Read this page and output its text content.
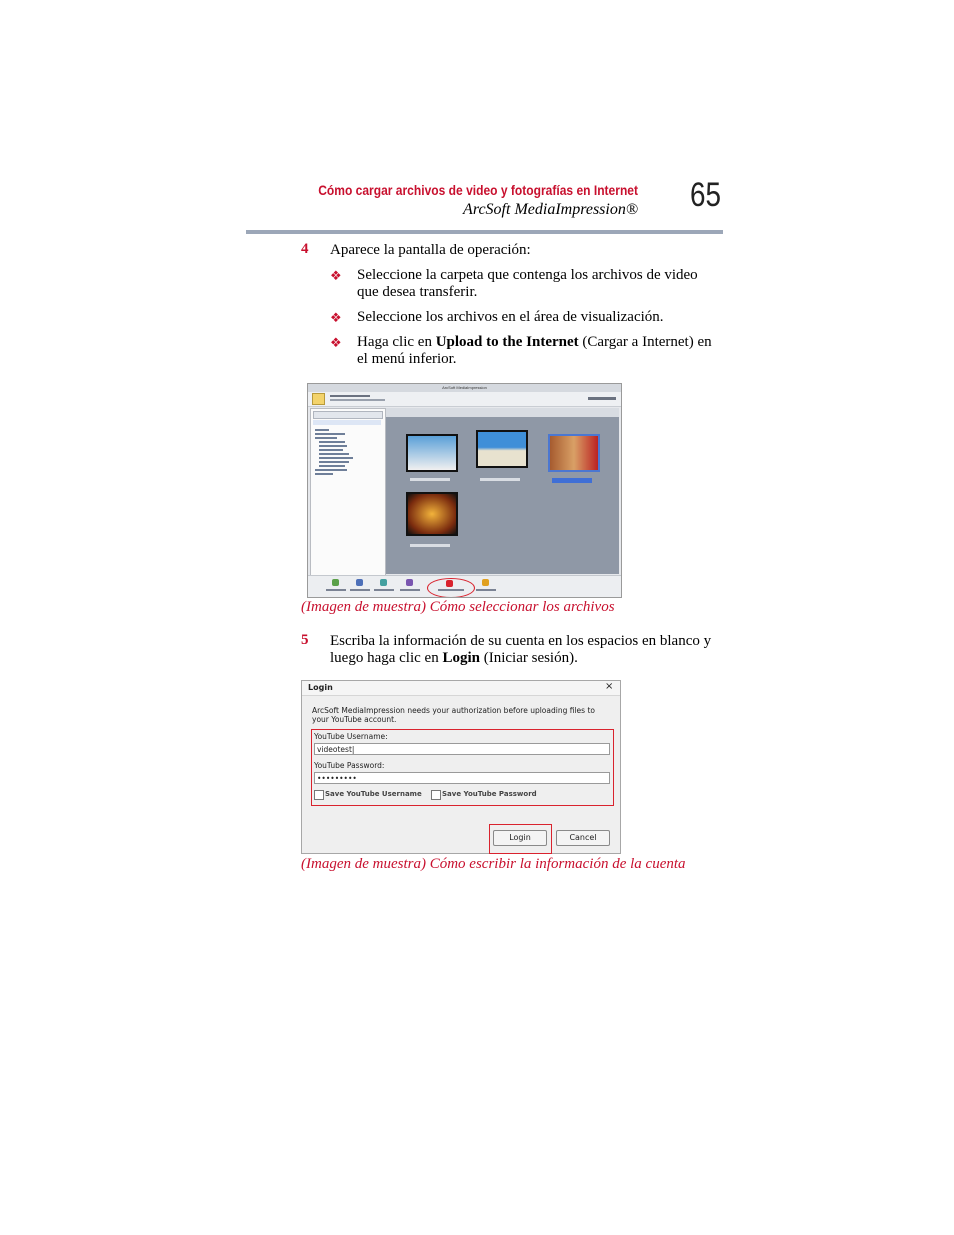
Cómo cargar archivos de video y fotografías en Internet
ArcSoft MediaImpression® 65
4 Aparece la pantalla de operación:
❖ Seleccione la carpeta que contenga los archivos de video que desea transferir.
❖ Seleccione los archivos en el área de visualización.
❖ Haga clic en Upload to the Internet (Cargar a Internet) en el menú inferior.
ArcSoft MediaImpression
(Imagen de muestra) Cómo seleccionar los archivos
5 Escriba la información de su cuenta en los espacios en blanco y luego haga clic en Login (Iniciar sesión).
Login	×
ArcSoft MediaImpression needs your authorization before uploading files to your YouTube account.
YouTube Username:
videotest|
YouTube Password:
•••••••••
Save YouTube Username	Save YouTube Password
Login	Cancel
(Imagen de muestra) Cómo escribir la información de la cuenta
